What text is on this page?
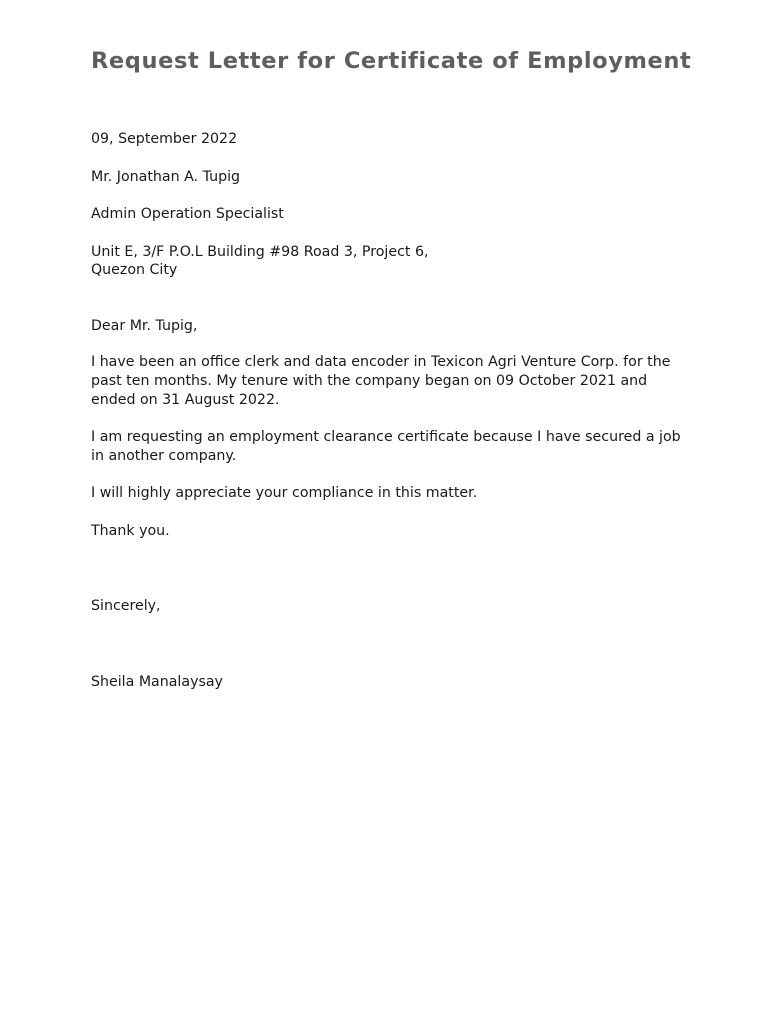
Request Letter for Certificate of Employment

09, September 2022

Mr. Jonathan A. Tupig

Admin Operation Specialist

Unit E, 3/F P.O.L Building #98 Road 3, Project 6,

Quezon City

Dear Mr. Tupig,

I have been an office clerk and data encoder in Texicon Agri Venture Corp. for the

past ten months. My tenure with the company began on 09 October 2021 and

ended on 31 August 2022.

I am requesting an employment clearance certificate because I have secured a job

in another company.

I will highly appreciate your compliance in this matter.

Thank you.

Sincerely,

Sheila Manalaysay
